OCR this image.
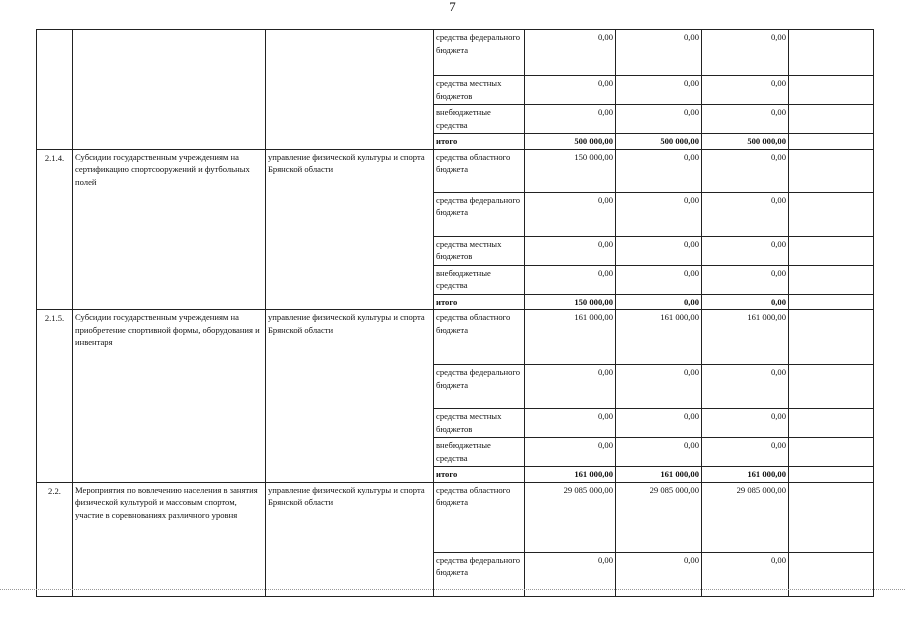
7
			средства федерального бюджета	0,00	0,00	0,00	
			средства местных бюджетов	0,00	0,00	0,00	
			внебюджетные средства	0,00	0,00	0,00	
			итого	500 000,00	500 000,00	500 000,00	
2.1.4.	Субсидии государственным учреждениям на сертификацию спортсооружений и футбольных полей	управление физической культуры и спорта Брянской области	средства областного бюджета	150 000,00	0,00	0,00	
			средства федерального бюджета	0,00	0,00	0,00	
			средства местных бюджетов	0,00	0,00	0,00	
			внебюджетные средства	0,00	0,00	0,00	
			итого	150 000,00	0,00	0,00	
2.1.5.	Субсидии государственным учреждениям на приобретение спортивной формы, оборудования и инвентаря	управление физической культуры и спорта Брянской области	средства областного бюджета	161 000,00	161 000,00	161 000,00	
			средства федерального бюджета	0,00	0,00	0,00	
			средства местных бюджетов	0,00	0,00	0,00	
			внебюджетные средства	0,00	0,00	0,00	
			итого	161 000,00	161 000,00	161 000,00	
2.2.	Мероприятия по вовлечению населения в занятия физической культурой и массовым спортом, участие в соревнованиях различного уровня	управление физической культуры и спорта Брянской области	средства областного бюджета	29 085 000,00	29 085 000,00	29 085 000,00	
			средства федерального бюджета	0,00	0,00	0,00	
